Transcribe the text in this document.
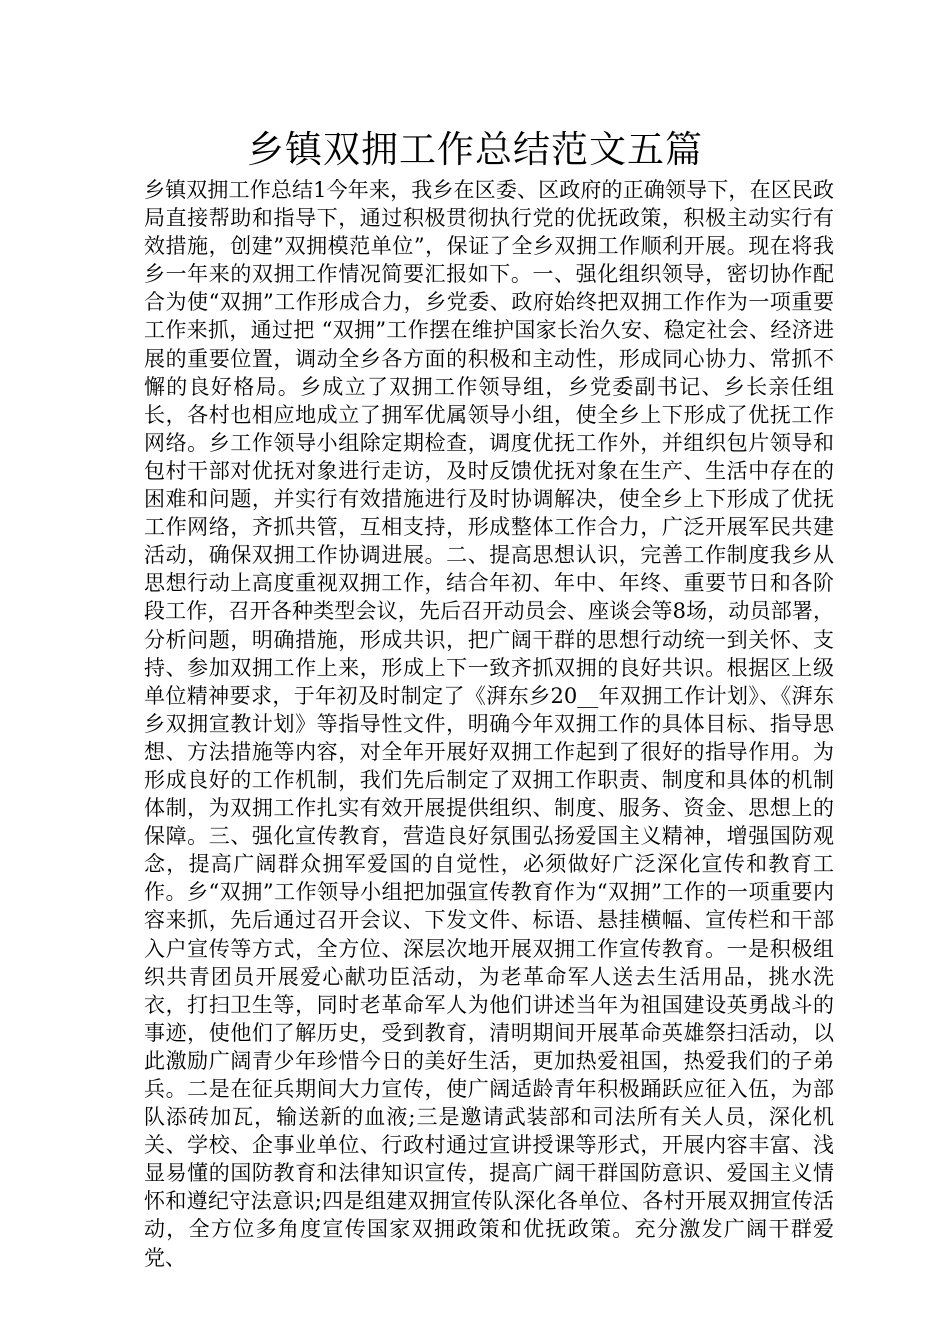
乡镇双拥工作总结范文五篇

乡镇双拥工作总结1今年来，我乡在区委、区政府的正确领导下，在区民政局直接帮助和指导下，通过积极贯彻执行党的优抚政策，积极主动实行有效措施，创建”双拥模范单位”，保证了全乡双拥工作顺利开展。现在将我乡一年来的双拥工作情况简要汇报如下。一、强化组织领导，密切协作配合为使“双拥”工作形成合力，乡党委、政府始终把双拥工作作为一项重要工作来抓，通过把 “双拥”工作摆在维护国家长治久安、稳定社会、经济进展的重要位置，调动全乡各方面的积极和主动性，形成同心协力、常抓不懈的良好格局。乡成立了双拥工作领导组，乡党委副书记、乡长亲任组长，各村也相应地成立了拥军优属领导小组，使全乡上下形成了优抚工作网络。乡工作领导小组除定期检查，调度优抚工作外，并组织包片领导和包村干部对优抚对象进行走访，及时反馈优抚对象在生产、生活中存在的困难和问题，并实行有效措施进行及时协调解决，使全乡上下形成了优抚工作网络，齐抓共管，互相支持，形成整体工作合力，广泛开展军民共建活动，确保双拥工作协调进展。二、提高思想认识，完善工作制度我乡从思想行动上高度重视双拥工作，结合年初、年中、年终、重要节日和各阶段工作，召开各种类型会议，先后召开动员会、座谈会等8场，动员部署，分析问题，明确措施，形成共识，把广阔干群的思想行动统一到关怀、支持、参加双拥工作上来，形成上下一致齐抓双拥的良好共识。根据区上级单位精神要求，于年初及时制定了《湃东乡20__年双拥工作计划》、《湃东乡双拥宣教计划》等指导性文件，明确今年双拥工作的具体目标、指导思想、方法措施等内容，对全年开展好双拥工作起到了很好的指导作用。为形成良好的工作机制，我们先后制定了双拥工作职责、制度和具体的机制体制，为双拥工作扎实有效开展提供组织、制度、服务、资金、思想上的保障。三、强化宣传教育，营造良好氛围弘扬爱国主义精神，增强国防观念，提高广阔群众拥军爱国的自觉性，必须做好广泛深化宣传和教育工作。乡“双拥”工作领导小组把加强宣传教育作为“双拥”工作的一项重要内容来抓，先后通过召开会议、下发文件、标语、悬挂横幅、宣传栏和干部入户宣传等方式，全方位、深层次地开展双拥工作宣传教育。一是积极组织共青团员开展爱心献功臣活动，为老革命军人送去生活用品，挑水洗衣，打扫卫生等，同时老革命军人为他们讲述当年为祖国建设英勇战斗的事迹，使他们了解历史，受到教育，清明期间开展革命英雄祭扫活动，以此激励广阔青少年珍惜今日的美好生活，更加热爱祖国，热爱我们的子弟兵。二是在征兵期间大力宣传，使广阔适龄青年积极踊跃应征入伍，为部队添砖加瓦，输送新的血液;三是邀请武装部和司法所有关人员，深化机关、学校、企事业单位、行政村通过宣讲授课等形式，开展内容丰富、浅显易懂的国防教育和法律知识宣传，提高广阔干群国防意识、爱国主义情怀和遵纪守法意识;四是组建双拥宣传队深化各单位、各村开展双拥宣传活动，全方位多角度宣传国家双拥政策和优抚政策。充分激发广阔干群爱党、
